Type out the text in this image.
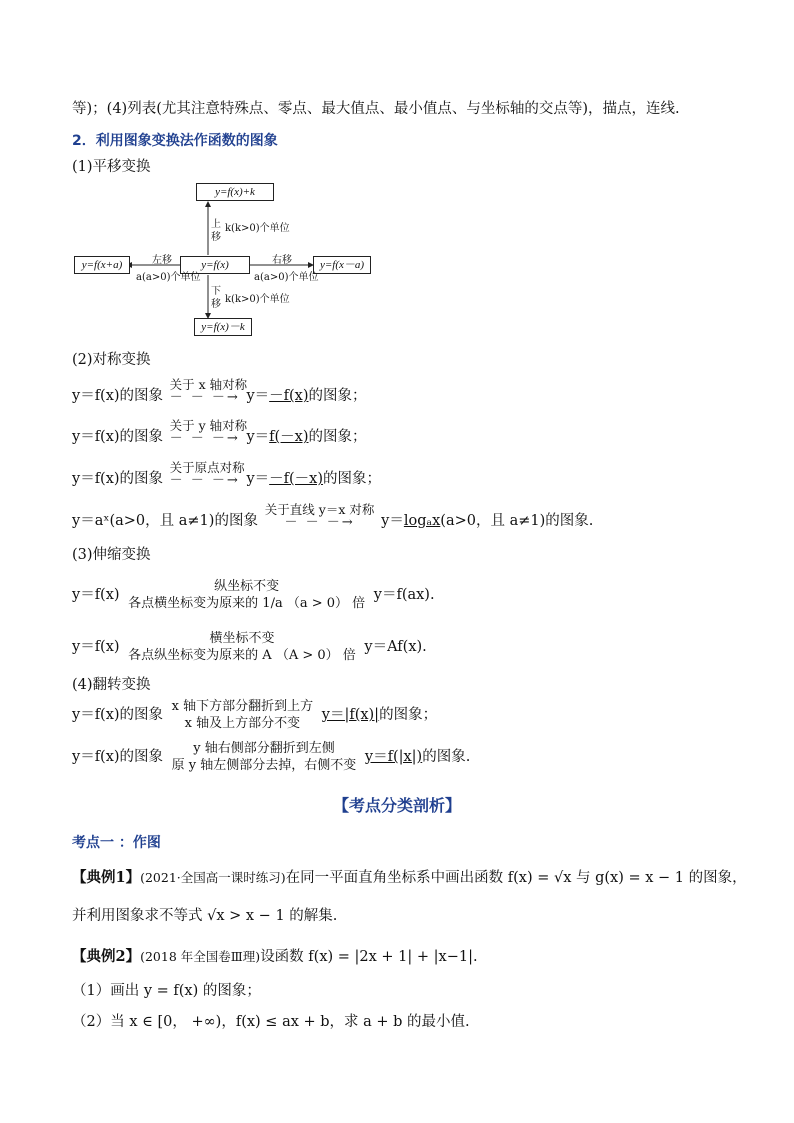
等)；(4)列表(尤其注意特殊点、零点、最大值点、最小值点、与坐标轴的交点等)，描点，连线.
2．利用图象变换法作函数的图象
(1)平移变换
y=f(x)+k
y=f(x)
y=f(x+a)	y=f(x－a)
y=f(x)－k
上
移
k(k>0)个单位
下
移 k(k>0)个单位
左移
a(a>0)个单位
右移
a(a>0)个单位
(2)对称变换
y＝f(x)的图象
关于 x 轴对称
－ － －→ y＝－f(x)的图象；
y＝f(x)的图象
关于 y 轴对称
－ － －→ y＝f(－x)的图象；
y＝f(x)的图象
关于原点对称
－ － －→ y＝－f(－x)的图象；
y＝aˣ(a>0，且 a≠1)的图象
关于直线 y＝x 对称
－ － －→	y＝logₐx(a>0，且 a≠1)的图象.
(3)伸缩变换
y＝f(x)
纵坐标不变
各点横坐标变为原来的 1/a （a > 0） 倍
y＝f(ax).
y＝f(x)
横坐标不变
各点纵坐标变为原来的 A （A > 0） 倍
y＝Af(x).
(4)翻转变换
y＝f(x)的图象
x 轴下方部分翻折到上方
x 轴及上方部分不变
y＝|f(x)|的图象；
y＝f(x)的图象
y 轴右侧部分翻折到左侧
原 y 轴左侧部分去掉，右侧不变
y＝f(|x|)的图象.
【考点分类剖析】
考点一 ：作图
【典例1】(2021·全国高一课时练习)在同一平面直角坐标系中画出函数 f(x) = √x 与 g(x) = x − 1 的图象，
并利用图象求不等式 √x > x − 1 的解集.
【典例2】(2018 年全国卷Ⅲ理)设函数 f(x) = |2x + 1| + |x−1|.
（1）画出 y = f(x) 的图象；
（2）当 x ∈ [0， +∞)，f(x) ≤ ax + b，求 a + b 的最小值.
